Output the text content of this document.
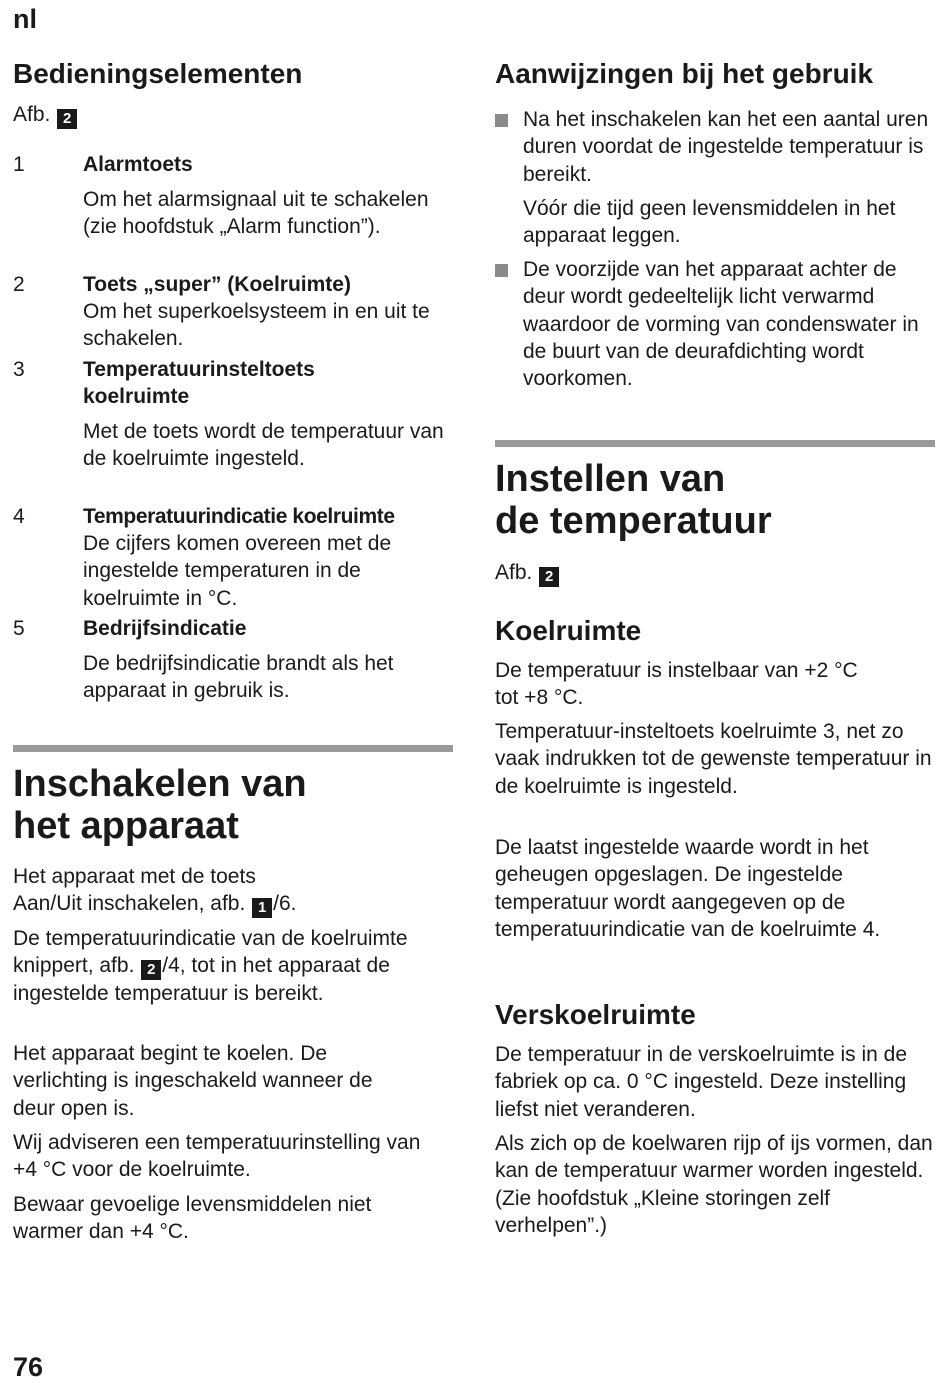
nl
Bedieningselementen
Afb. 2
1	Alarmtoets
Om het alarmsignaal uit te schakelen (zie hoofdstuk „Alarm function”).
2	Toets „super” (Koelruimte)
Om het superkoelsysteem in en uit te schakelen.
3	Temperatuurinsteltoets koelruimte
Met de toets wordt de temperatuur van de koelruimte ingesteld.
4	Temperatuurindicatie koelruimte
De cijfers komen overeen met de ingestelde temperaturen in de koelruimte in °C.
5	Bedrijfsindicatie
De bedrijfsindicatie brandt als het apparaat in gebruik is.
Inschakelen van
het apparaat
Het apparaat met de toets Aan/Uit inschakelen, afb. 1 /6.
De temperatuurindicatie van de koelruimte knippert, afb. 2 /4, tot in het apparaat de ingestelde temperatuur is bereikt.
Het apparaat begint te koelen. De verlichting is ingeschakeld wanneer de deur open is.
Wij adviseren een temperatuurinstelling van +4 °C voor de koelruimte.
Bewaar gevoelige levensmiddelen niet warmer dan +4 °C.
Aanwijzingen bij het gebruik
Na het inschakelen kan het een aantal uren duren voordat de ingestelde temperatuur is bereikt.
Vóór die tijd geen levensmiddelen in het apparaat leggen.
De voorzijde van het apparaat achter de deur wordt gedeeltelijk licht verwarmd waardoor de vorming van condenswater in de buurt van de deurafdichting wordt voorkomen.
Instellen van
de temperatuur
Afb. 2
Koelruimte
De temperatuur is instelbaar van +2 °C tot +8 °C.
Temperatuur-insteltoets koelruimte 3, net zo vaak indrukken tot de gewenste temperatuur in de koelruimte is ingesteld.
De laatst ingestelde waarde wordt in het geheugen opgeslagen. De ingestelde temperatuur wordt aangegeven op de temperatuurindicatie van de koelruimte 4.
Verskoelruimte
De temperatuur in de verskoelruimte is in de fabriek op ca. 0 °C ingesteld. Deze instelling liefst niet veranderen.
Als zich op de koelwaren rijp of ijs vormen, dan kan de temperatuur warmer worden ingesteld. (Zie hoofdstuk „Kleine storingen zelf verhelpen”.)
76
